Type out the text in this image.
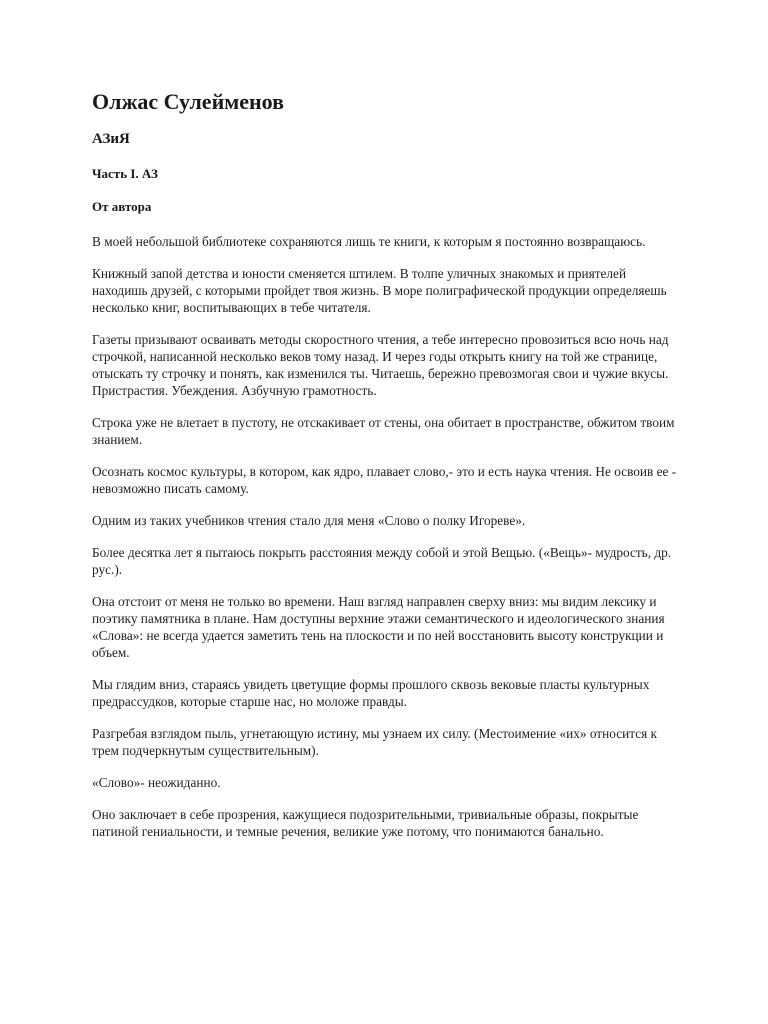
Олжас Сулейменов
АЗиЯ
Часть I. АЗ
От автора

В моей небольшой библиотеке сохраняются лишь те книги, к которым я постоянно возвращаюсь.

Книжный запой детства и юности сменяется штилем. В толпе уличных знакомых и приятелей находишь друзей, с которыми пройдет твоя жизнь. В море полиграфической продукции определяешь несколько книг, воспитывающих в тебе читателя.

Газеты призывают осваивать методы скоростного чтения, а тебе интересно провозиться всю ночь над строчкой, написанной несколько веков тому назад. И через годы открыть книгу на той же странице, отыскать ту строчку и понять, как изменился ты. Читаешь, бережно превозмогая свои и чужие вкусы. Пристрастия. Убеждения. Азбучную грамотность.

Строка уже не влетает в пустоту, не отскакивает от стены, она обитает в пространстве, обжитом твоим знанием.

Осознать космос культуры, в котором, как ядро, плавает слово,- это и есть наука чтения. Не освоив ее - невозможно писать самому.

Одним из таких учебников чтения стало для меня «Слово о полку Игореве».

Более десятка лет я пытаюсь покрыть расстояния между собой и этой Вещью. («Вещь»- мудрость, др. рус.).

Она отстоит от меня не только во времени. Наш взгляд направлен сверху вниз: мы видим лексику и поэтику памятника в плане. Нам доступны верхние этажи семантического и идеологического знания «Слова»: не всегда удается заметить тень на плоскости и по ней восстановить высоту конструкции и объем.

Мы глядим вниз, стараясь увидеть цветущие формы прошлого сквозь вековые пласты культурных предрассудков, которые старше нас, но моложе правды.

Разгребая взглядом пыль, угнетающую истину, мы узнаем их силу. (Местоимение «их» относится к трем подчеркнутым существительным).

«Слово»- неожиданно.

Оно заключает в себе прозрения, кажущиеся подозрительными, тривиальные образы, покрытые патиной гениальности, и темные речения, великие уже потому, что понимаются банально.
